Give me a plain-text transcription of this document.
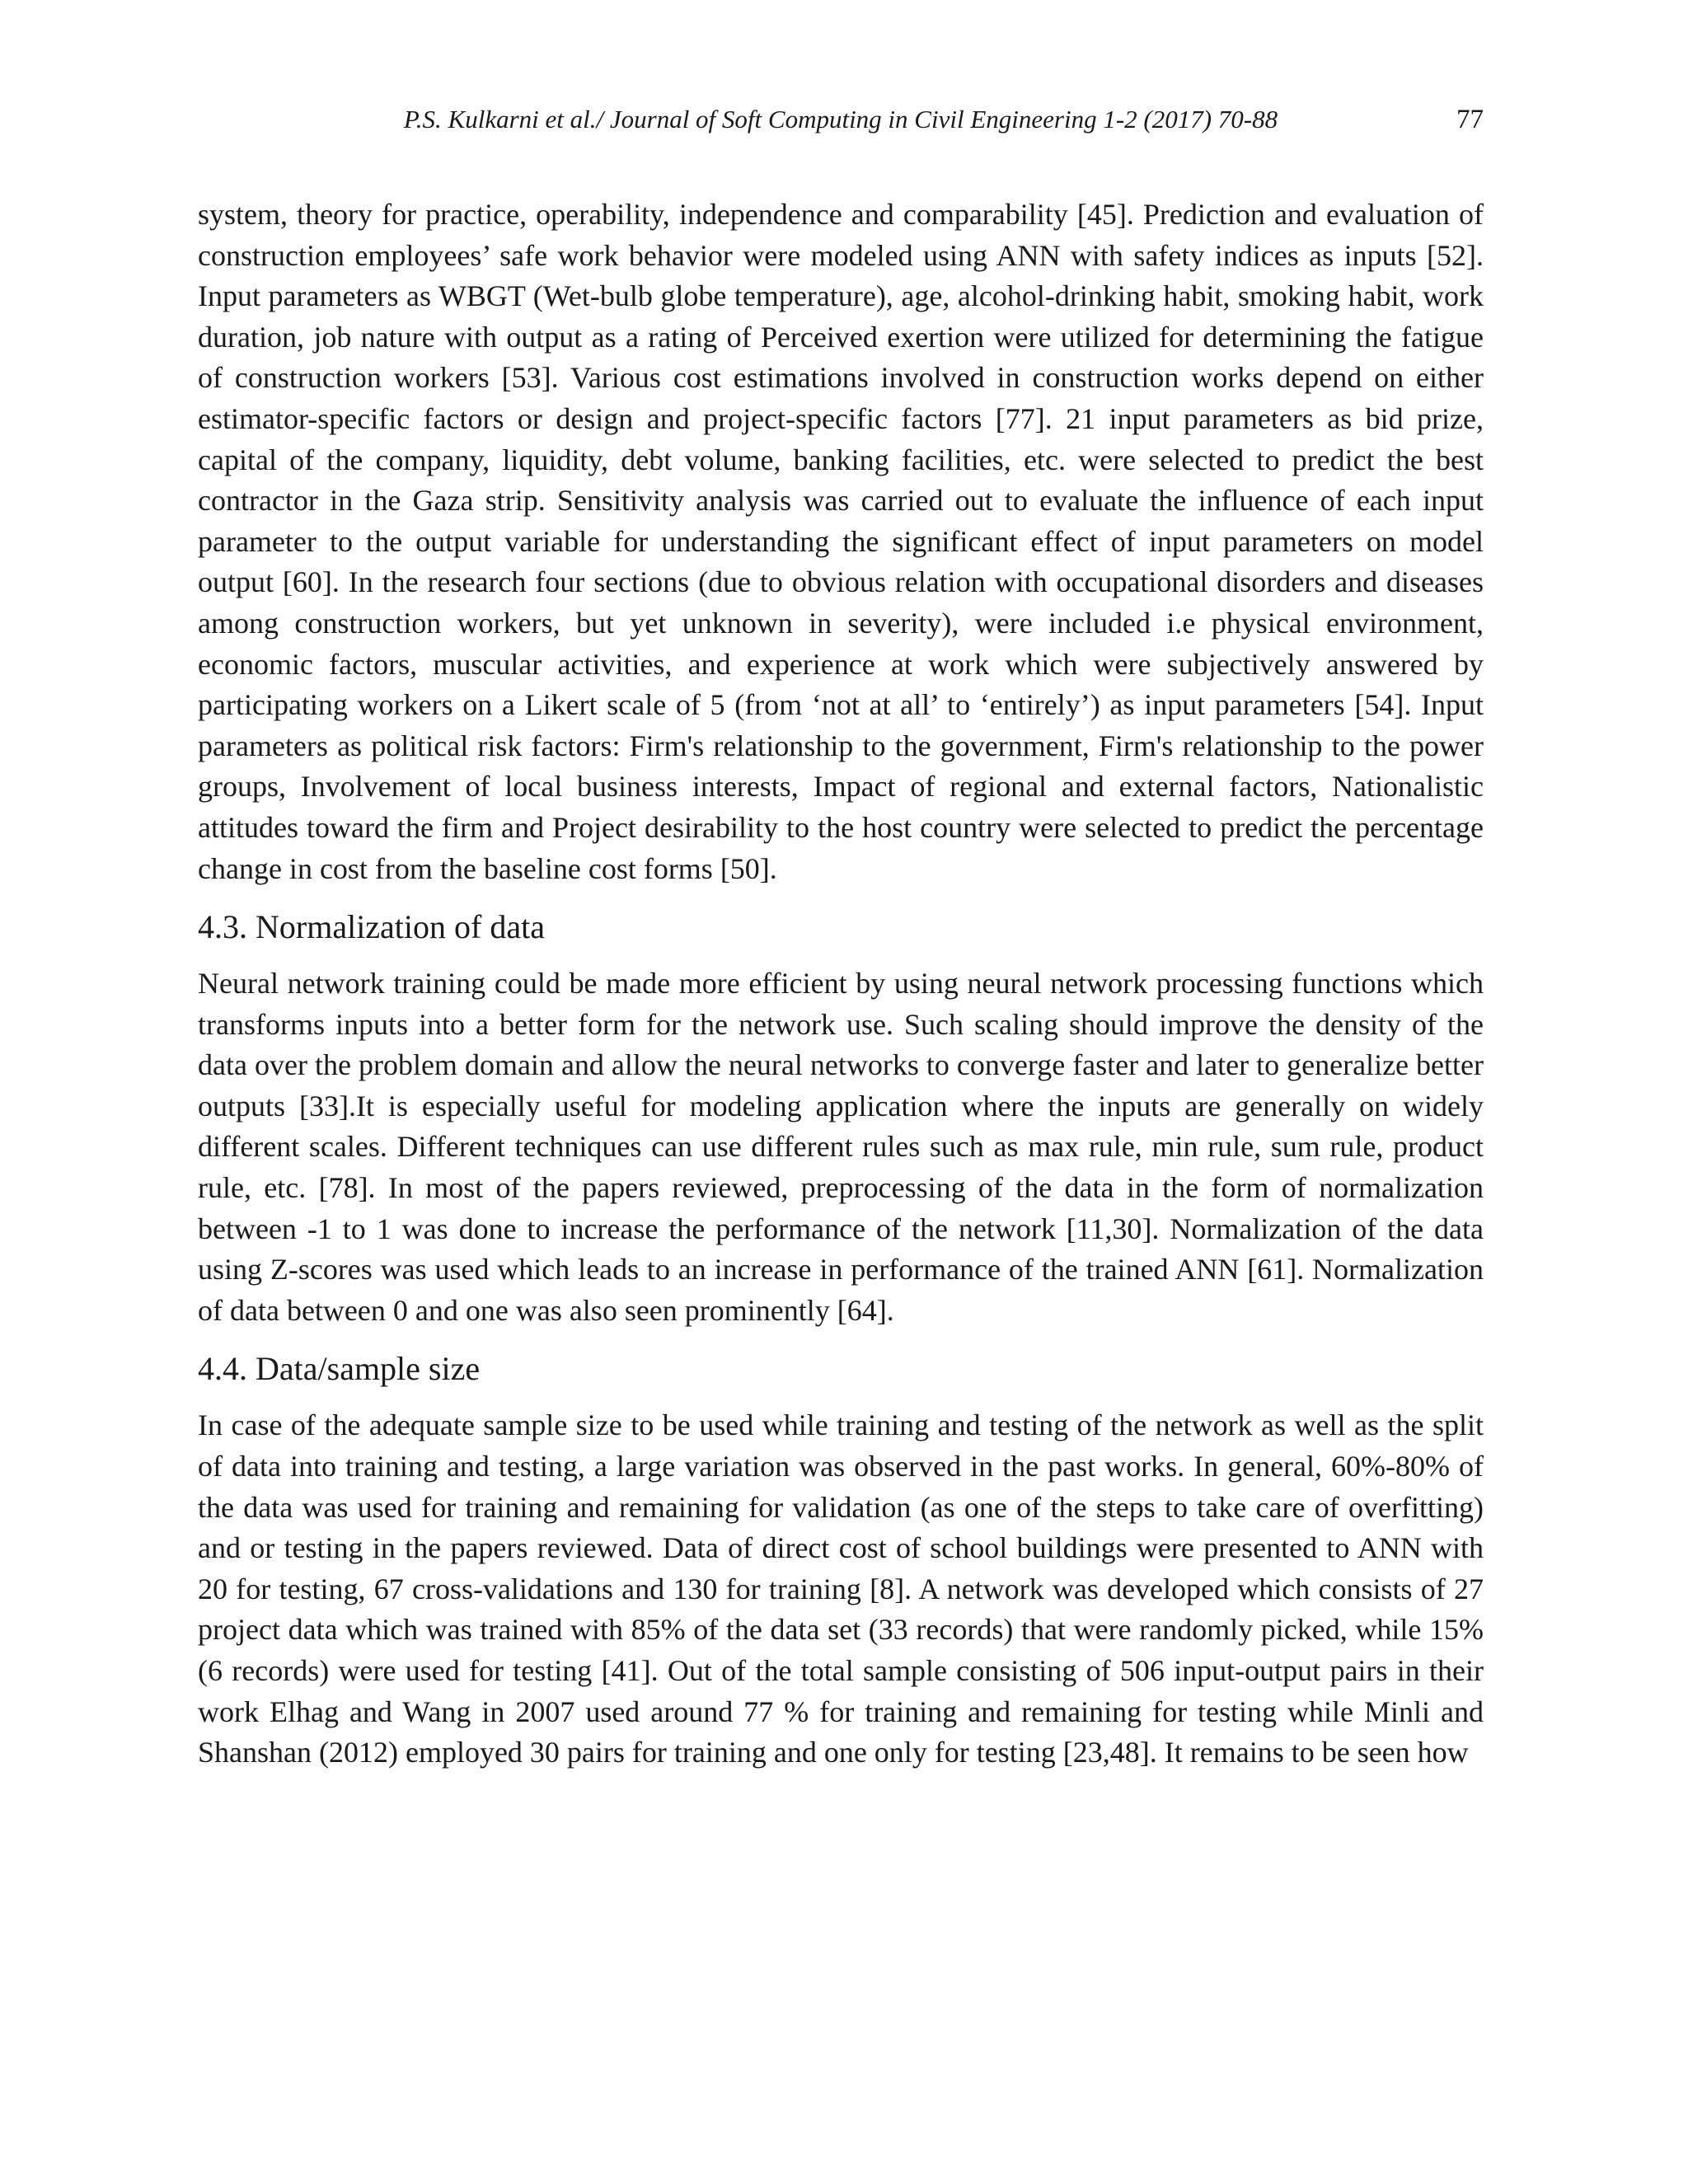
P.S. Kulkarni et al./ Journal of Soft Computing in Civil Engineering 1-2 (2017) 70-88	77

system, theory for practice, operability, independence and comparability [45]. Prediction and evaluation of construction employees’ safe work behavior were modeled using ANN with safety indices as inputs [52]. Input parameters as WBGT (Wet-bulb globe temperature), age, alcohol-drinking habit, smoking habit, work duration, job nature with output as a rating of Perceived exertion were utilized for determining the fatigue of construction workers [53]. Various cost estimations involved in construction works depend on either estimator-specific factors or design and project-specific factors [77]. 21 input parameters as bid prize, capital of the company, liquidity, debt volume, banking facilities, etc. were selected to predict the best contractor in the Gaza strip. Sensitivity analysis was carried out to evaluate the influence of each input parameter to the output variable for understanding the significant effect of input parameters on model output [60]. In the research four sections (due to obvious relation with occupational disorders and diseases among construction workers, but yet unknown in severity), were included i.e physical environment, economic factors, muscular activities, and experience at work which were subjectively answered by participating workers on a Likert scale of 5 (from ‘not at all’ to ‘entirely’) as input parameters [54]. Input parameters as political risk factors: Firm's relationship to the government, Firm's relationship to the power groups, Involvement of local business interests, Impact of regional and external factors, Nationalistic attitudes toward the firm and Project desirability to the host country were selected to predict the percentage change in cost from the baseline cost forms [50].

4.3. Normalization of data

Neural network training could be made more efficient by using neural network processing functions which transforms inputs into a better form for the network use. Such scaling should improve the density of the data over the problem domain and allow the neural networks to converge faster and later to generalize better outputs [33].It is especially useful for modeling application where the inputs are generally on widely different scales. Different techniques can use different rules such as max rule, min rule, sum rule, product rule, etc. [78]. In most of the papers reviewed, preprocessing of the data in the form of normalization between -1 to 1 was done to increase the performance of the network [11,30]. Normalization of the data using Z-scores was used which leads to an increase in performance of the trained ANN [61]. Normalization of data between 0 and one was also seen prominently [64].

4.4. Data/sample size

In case of the adequate sample size to be used while training and testing of the network as well as the split of data into training and testing, a large variation was observed in the past works. In general, 60%-80% of the data was used for training and remaining for validation (as one of the steps to take care of overfitting) and or testing in the papers reviewed. Data of direct cost of school buildings were presented to ANN with 20 for testing, 67 cross-validations and 130 for training [8]. A network was developed which consists of 27 project data which was trained with 85% of the data set (33 records) that were randomly picked, while 15% (6 records) were used for testing [41]. Out of the total sample consisting of 506 input-output pairs in their work Elhag and Wang in 2007 used around 77 % for training and remaining for testing while Minli and Shanshan (2012) employed 30 pairs for training and one only for testing [23,48]. It remains to be seen how
